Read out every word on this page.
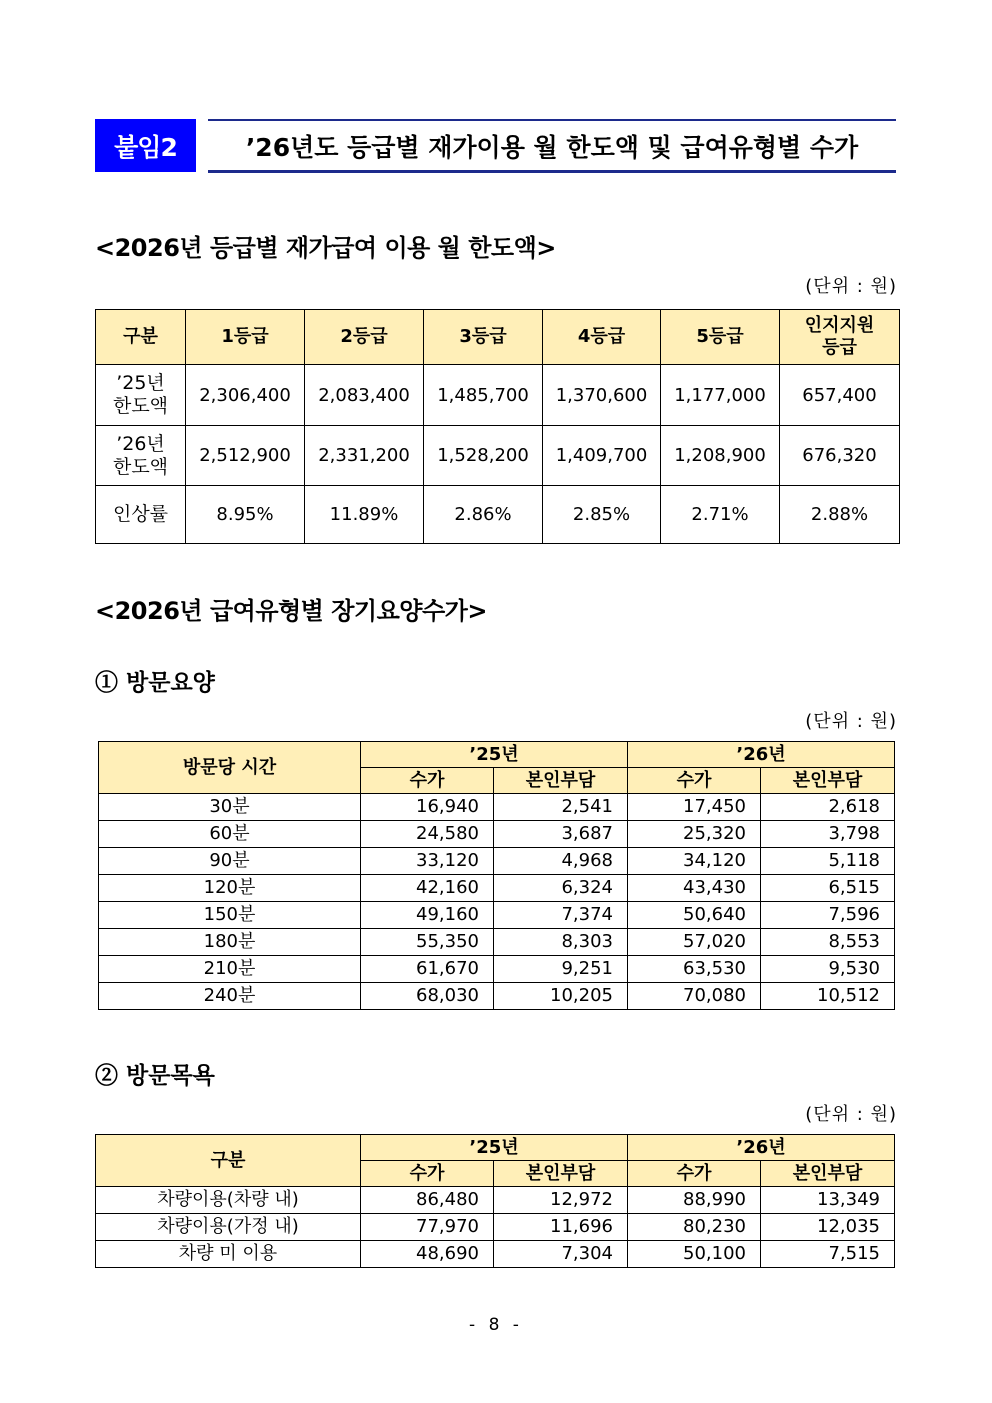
붙임2	’26년도 등급별 재가이용 월 한도액 및 급여유형별 수가
<2026년 등급별 재가급여 이용 월 한도액>
(단위 : 원)
구분	1등급	2등급	3등급	4등급	5등급	인지지원
등급
’25년
한도액	2,306,400	2,083,400	1,485,700	1,370,600	1,177,000	657,400
’26년
한도액	2,512,900	2,331,200	1,528,200	1,409,700	1,208,900	676,320
인상률	8.95%	11.89%	2.86%	2.85%	2.71%	2.88%
<2026년 급여유형별 장기요양수가>
① 방문요양
(단위 : 원)
방문당 시간	’25년		’26년	
	수가	본인부담	수가	본인부담
30분	16,940	2,541	17,450	2,618
60분	24,580	3,687	25,320	3,798
90분	33,120	4,968	34,120	5,118
120분	42,160	6,324	43,430	6,515
150분	49,160	7,374	50,640	7,596
180분	55,350	8,303	57,020	8,553
210분	61,670	9,251	63,530	9,530
240분	68,030	10,205	70,080	10,512
② 방문목욕
(단위 : 원)
구분	’25년		’26년	
	수가	본인부담	수가	본인부담
차량이용(차량 내)	86,480	12,972	88,990	13,349
차량이용(가정 내)	77,970	11,696	80,230	12,035
차량 미 이용	48,690	7,304	50,100	7,515
- 8 -
